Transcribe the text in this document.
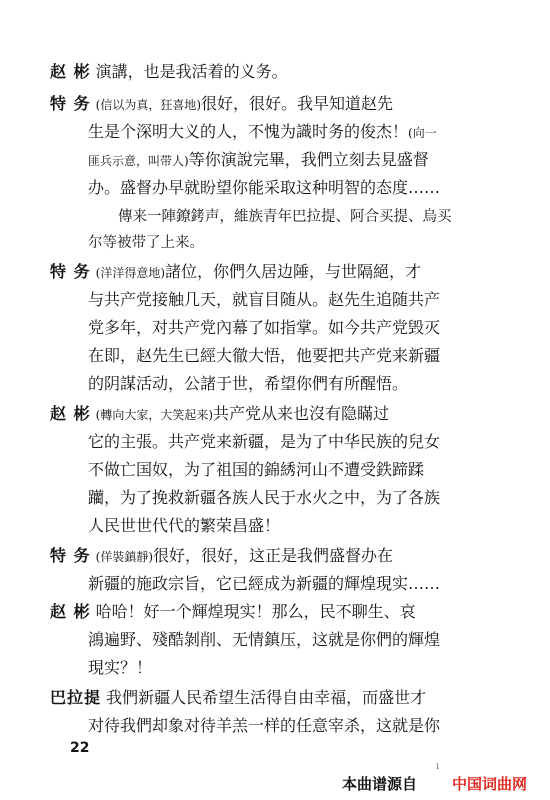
赵 彬 演講，也是我活着的义务。
特 务 (信以为真，狂喜地)很好，很好。我早知道赵先
生是个深明大义的人，不愧为識时务的俊杰！(向一
匪兵示意，叫带人)等你演說完畢，我們立刻去見盛督
办。盛督办早就盼望你能采取这种明智的态度……
傳来一陣鐐銬声，維族青年巴拉提、阿合买提、烏买
尔等被带了上来。
特 务 (洋洋得意地)諸位，你們久居边陲，与世隔絕，才
与共产党接触几天，就盲目随从。赵先生追随共产
党多年，对共产党內幕了如指掌。如今共产党毁灭
在即，赵先生已經大徹大悟，他要把共产党来新疆
的阴謀活动，公諸于世，希望你們有所醒悟。
赵 彬 (轉向大家，大笑起来)共产党从来也沒有隐瞞过
它的主張。共产党来新疆，是为了中华民族的兒女
不做亡国奴，为了祖国的錦綉河山不遭受鉄蹄蹂
躪，为了挽救新疆各族人民于水火之中，为了各族
人民世世代代的繁荣昌盛！
特 务 (佯裝鎮靜)很好，很好，这正是我們盛督办在
新疆的施政宗旨，它已經成为新疆的輝煌現实……
赵 彬 哈哈！好一个輝煌現实！那么，民不聊生、哀
鴻遍野、殘酷剝削、无情鎮压，这就是你們的輝煌
現实？！
巴拉提 我們新疆人民希望生活得自由幸福，而盛世才
对待我們却象对待羊羔一样的任意宰杀，这就是你
22
ı
本曲谱源自 中国词曲网
